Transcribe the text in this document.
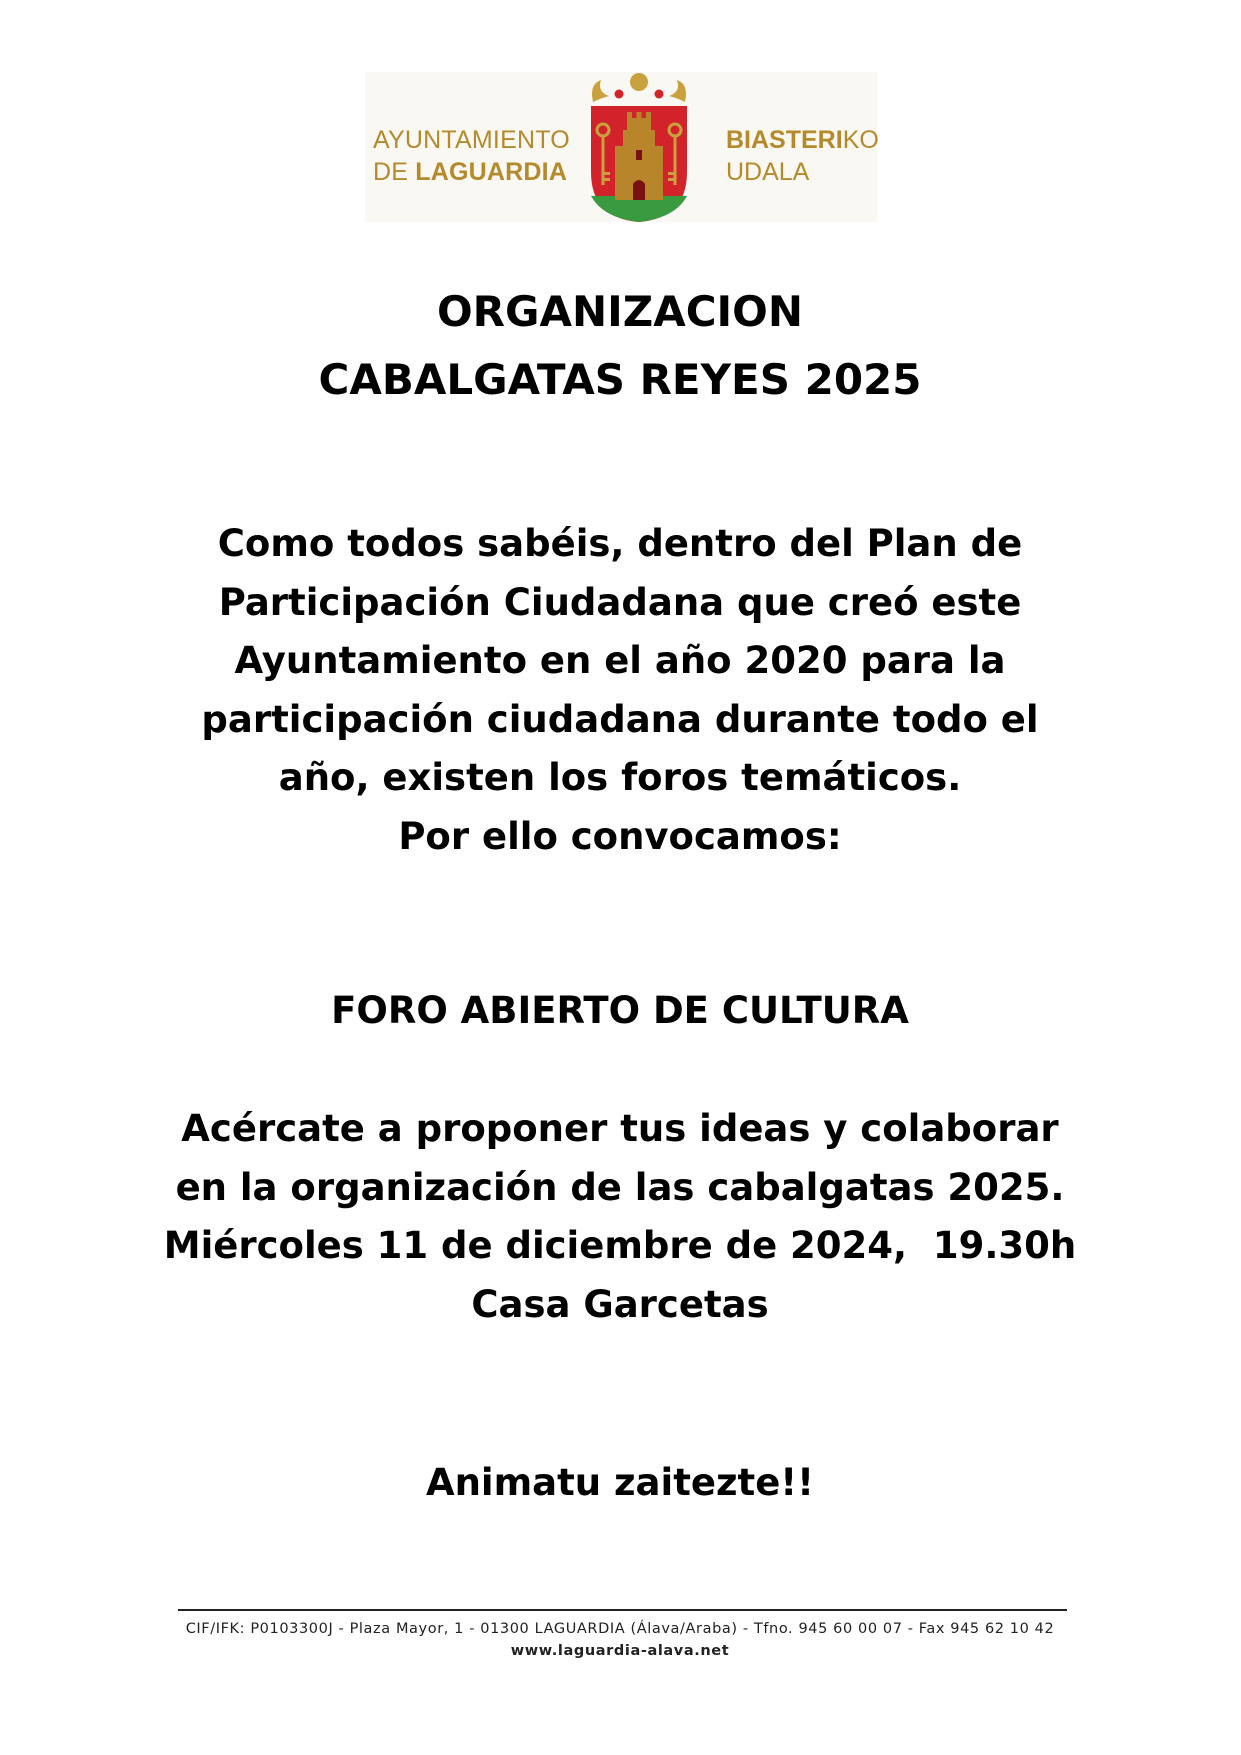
AYUNTAMIENTO
DE LAGUARDIA
BIASTERIKO
UDALA
ORGANIZACION
CABALGATAS REYES 2025
Como todos sabéis, dentro del Plan de
Participación Ciudadana que creó este
Ayuntamiento en el año 2020 para la
participación ciudadana durante todo el
año, existen los foros temáticos.
Por ello convocamos:
FORO ABIERTO DE CULTURA
Acércate a proponer tus ideas y colaborar
en la organización de las cabalgatas 2025.
Miércoles 11 de diciembre de 2024,  19.30h
Casa Garcetas
Animatu zaitezte!!
CIF/IFK: P0103300J - Plaza Mayor, 1 - 01300 LAGUARDIA (Álava/Araba) - Tfno. 945 60 00 07 - Fax 945 62 10 42
www.laguardia-alava.net
